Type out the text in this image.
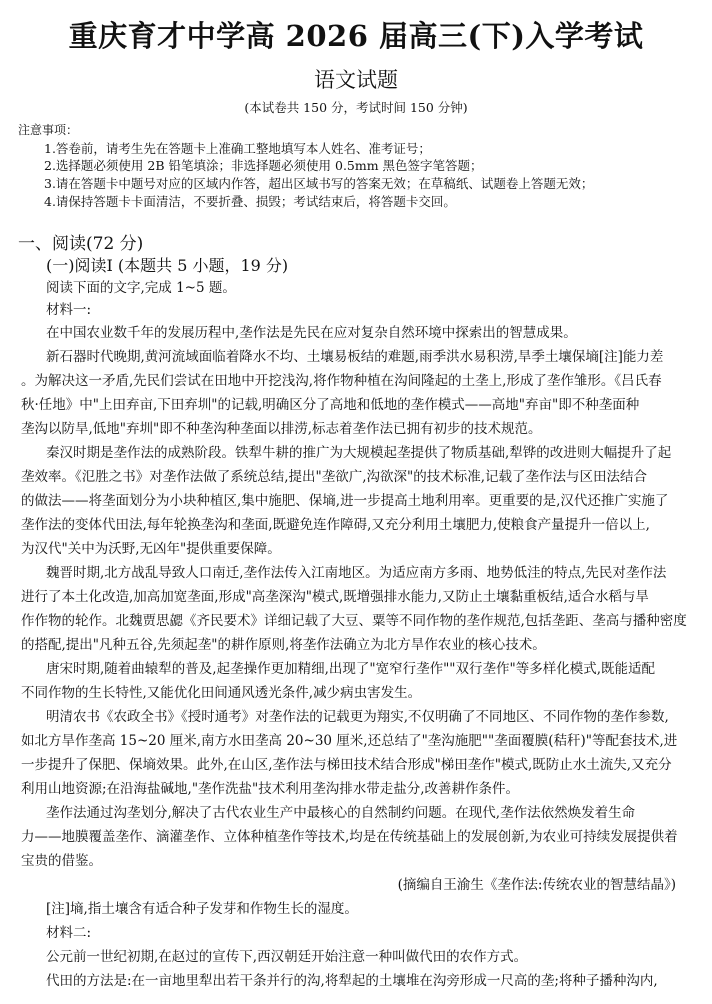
重庆育才中学高 2026 届高三(下)入学考试
语文试题
(本试卷共 150 分，考试时间 150 分钟)
注意事项：
1.答卷前，请考生先在答题卡上准确工整地填写本人姓名、准考证号；
2.选择题必须使用 2B 铅笔填涂；非选择题必须使用 0.5mm 黑色签字笔答题；
3.请在答题卡中题号对应的区域内作答，超出区域书写的答案无效；在草稿纸、试题卷上答题无效；
4.请保持答题卡卡面清洁，不要折叠、损毁；考试结束后，将答题卡交回。
一、阅读(72 分)
(一)阅读Ⅰ (本题共 5 小题，19 分)
阅读下面的文字,完成 1~5 题。
材料一:
在中国农业数千年的发展历程中,垄作法是先民在应对复杂自然环境中探索出的智慧成果。
新石器时代晚期,黄河流域面临着降水不均、土壤易板结的难题,雨季洪水易积涝,旱季土壤保墒[注]能力差
。为解决这一矛盾,先民们尝试在田地中开挖浅沟,将作物种植在沟间隆起的土垄上,形成了垄作雏形。《吕氏春
秋·任地》中"上田弃亩,下田弃圳"的记载,明确区分了高地和低地的垄作模式——高地"弃亩"即不种垄面种
垄沟以防旱,低地"弃圳"即不种垄沟种垄面以排涝,标志着垄作法已拥有初步的技术规范。
秦汉时期是垄作法的成熟阶段。铁犁牛耕的推广为大规模起垄提供了物质基础,犁铧的改进则大幅提升了起
垄效率。《氾胜之书》对垄作法做了系统总结,提出"垄欲广,沟欲深"的技术标准,记载了垄作法与区田法结合
的做法——将垄面划分为小块种植区,集中施肥、保墒,进一步提高土地利用率。更重要的是,汉代还推广实施了
垄作法的变体代田法,每年轮换垄沟和垄面,既避免连作障碍,又充分利用土壤肥力,使粮食产量提升一倍以上,
为汉代"关中为沃野,无凶年"提供重要保障。
魏晋时期,北方战乱导致人口南迁,垄作法传入江南地区。为适应南方多雨、地势低洼的特点,先民对垄作法
进行了本土化改造,加高加宽垄面,形成"高垄深沟"模式,既增强排水能力,又防止土壤黏重板结,适合水稻与旱
作作物的轮作。北魏贾思勰《齐民要术》详细记载了大豆、粟等不同作物的垄作规范,包括垄距、垄高与播种密度
的搭配,提出"凡种五谷,先须起垄"的耕作原则,将垄作法确立为北方旱作农业的核心技术。
唐宋时期,随着曲辕犁的普及,起垄操作更加精细,出现了"宽窄行垄作""双行垄作"等多样化模式,既能适配
不同作物的生长特性,又能优化田间通风透光条件,减少病虫害发生。
明清农书《农政全书》《授时通考》对垄作法的记载更为翔实,不仅明确了不同地区、不同作物的垄作参数,
如北方旱作垄高 15~20 厘米,南方水田垄高 20~30 厘米,还总结了"垄沟施肥""垄面覆膜(秸秆)"等配套技术,进
一步提升了保肥、保墒效果。此外,在山区,垄作法与梯田技术结合形成"梯田垄作"模式,既防止水土流失,又充分
利用山地资源;在沿海盐碱地,"垄作洗盐"技术利用垄沟排水带走盐分,改善耕作条件。
垄作法通过沟垄划分,解决了古代农业生产中最核心的自然制约问题。在现代,垄作法依然焕发着生命
力——地膜覆盖垄作、滴灌垄作、立体种植垄作等技术,均是在传统基础上的发展创新,为农业可持续发展提供着
宝贵的借鉴。
(摘编自王渝生《垄作法:传统农业的智慧结晶》)
[注]墒,指土壤含有适合种子发芽和作物生长的湿度。
材料二:
公元前一世纪初期,在赵过的宣传下,西汉朝廷开始注意一种叫做代田的农作方式。
代田的方法是:在一亩地里犁出若干条并行的沟,将犁起的土壤堆在沟旁形成一尺高的垄;将种子播种沟内,
